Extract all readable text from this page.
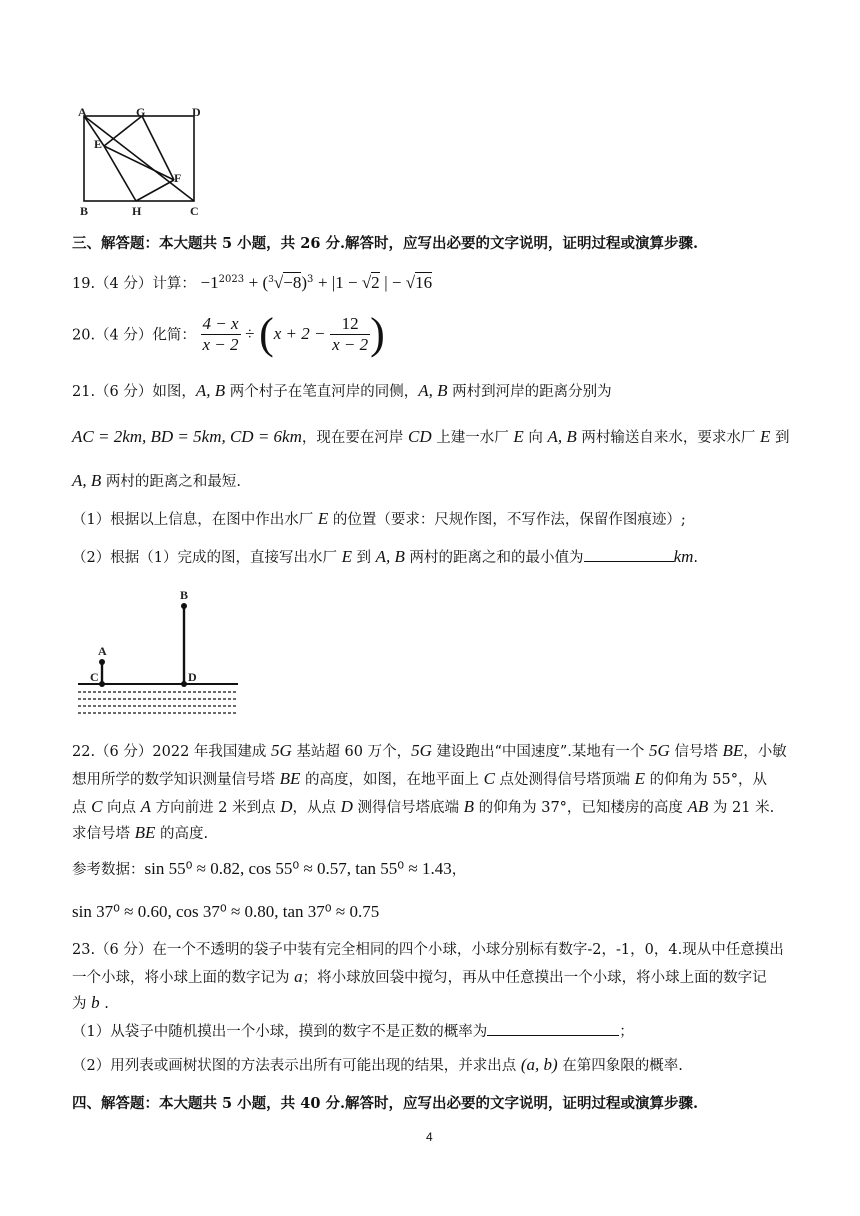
A	G	D
E
F
B	H	C
三、解答题：本大题共 5 小题，共 26 分.解答时，应写出必要的文字说明，证明过程或演算步骤.
19.（4 分）计算： $-1^{2023} + (^3√-8)^3 + |1 - √2$ | − √16
20.（4 分）化简： $\frac{4 - x}{x - 2} \div (x + 2 - \frac{12}{x - 2}$ )
21.（6 分）如图，A, B 两个村子在笔直河岸的同侧，A, B 两村到河岸的距离分别为
AC = 2km, BD = 5km, CD = 6km，现在要在河岸 CD 上建一水厂 E 向 A, B 两村输送自来水，要求水厂 E 到
A, B 两村的距离之和最短.
（1）根据以上信息，在图中作出水厂 E 的位置（要求：尺规作图，不写作法，保留作图痕迹）;
（2）根据（1）完成的图，直接写出水厂 E 到 A, B 两村的距离之和的最小值为	km.
B
A
C	D
22.（6 分）2022 年我国建成 5G 基站超 60 万个，5G 建设跑出“中国速度”.某地有一个 5G 信号塔 BE，小敏
想用所学的数学知识测量信号塔 BE 的高度，如图，在地平面上 C 点处测得信号塔顶端 E 的仰角为 55°，从
点 C 向点 A 方向前进 2 米到点 D，从点 D 测得信号塔底端 B 的仰角为 37°，已知楼房的高度 AB 为 21 米.
求信号塔 BE 的高度.
参考数据：sin 55⁰ ≈ 0.82, cos 55⁰ ≈ 0.57, tan 55⁰ ≈ 1.43，
sin 37⁰ ≈ 0.60, cos 37⁰ ≈ 0.80, tan 37⁰ ≈ 0.75
23.（6 分）在一个不透明的袋子中装有完全相同的四个小球，小球分别标有数字-2，-1，0，4.现从中任意摸出
一个小球，将小球上面的数字记为 a；将小球放回袋中搅匀，再从中任意摸出一个小球，将小球上面的数字记
为 b .
（1）从袋子中随机摸出一个小球，摸到的数字不是正数的概率为	；
（2）用列表或画树状图的方法表示出所有可能出现的结果，并求出点 (a, b) 在第四象限的概率.
四、解答题：本大题共 5 小题，共 40 分.解答时，应写出必要的文字说明，证明过程或演算步骤.
4
